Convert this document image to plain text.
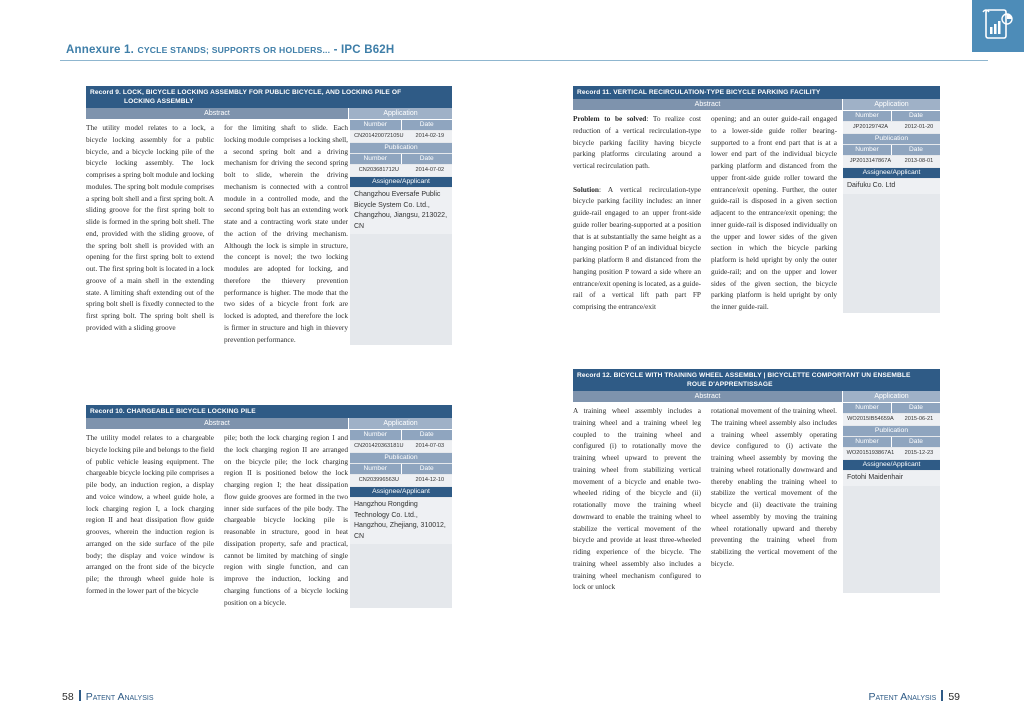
Annexure 1. CYCLE STANDS; SUPPORTS OR HOLDERS... - IPC B62H
Record 9. LOCK, BICYCLE LOCKING ASSEMBLY FOR PUBLIC BICYCLE, AND LOCKING PILE OF
LOCKING ASSEMBLY
Abstract	Application
The utility model relates to a lock, a bicycle locking assembly for a public bicycle, and a bicycle locking pile of the bicycle locking assembly. The lock comprises a spring bolt module and locking modules. The spring bolt module comprises a spring bolt shell and a first spring bolt. A sliding groove for the first spring bolt to slide is formed in the spring bolt shell. The end, provided with the sliding groove, of the spring bolt shell is provided with an opening for the first spring bolt to extend out. The first spring bolt is located in a lock groove of a main shell in the extending state. A limiting shaft extending out of the spring bolt shell is fixedly connected to the first spring bolt. The spring bolt shell is provided with a sliding groove
for the limiting shaft to slide. Each locking module comprises a locking shell, a second spring bolt and a driving mechanism for driving the second spring bolt to slide, wherein the driving mechanism is connected with a control module in a controlled mode, and the second spring bolt has an extending work state and a contracting work state under the action of the driving mechanism. Although the lock is simple in structure, the concept is novel; the two locking modules are adopted for locking, and therefore the thievery prevention performance is higher. The mode that the two sides of a bicycle front fork are locked is adopted, and therefore the lock is firmer in structure and high in thievery prevention performance.
Number	Date
CN201420072105U	2014-02-19
Publication
Number	Date
CN203681712U	2014-07-02
Assignee/Applicant
Changzhou Eversafe Public Bicycle System Co. Ltd., Changzhou, Jiangsu, 213022, CN
Record 10. CHARGEABLE BICYCLE LOCKING PILE
Abstract	Application
The utility model relates to a chargeable bicycle locking pile and belongs to the field of public vehicle leasing equipment. The chargeable bicycle locking pile comprises a pile body, an induction region, a display and voice window, a wheel guide hole, a lock charging region I, a lock charging region II and heat dissipation flow guide grooves, wherein the induction region is arranged on the side surface of the pile body; the display and voice window is arranged on the front side of the bicycle pile; the through wheel guide hole is formed in the lower part of the bicycle
pile; both the lock charging region I and the lock charging region II are arranged on the bicycle pile; the lock charging region II is positioned below the lock charging region I; the heat dissipation flow guide grooves are formed in the two inner side surfaces of the pile body. The chargeable bicycle locking pile is reasonable in structure, good in heat dissipation property, safe and practical, cannot be limited by matching of single region with single function, and can improve the induction, locking and charging functions of a bicycle locking position on a bicycle.
Number	Date
CN201420363181U	2014-07-03
Publication
Number	Date
CN203996563U	2014-12-10
Assignee/Applicant
Hangzhou Rongding Technology Co. Ltd., Hangzhou, Zhejiang, 310012, CN
Record 11. VERTICAL RECIRCULATION-TYPE BICYCLE PARKING FACILITY
Abstract	Application
Problem to be solved: To realize cost reduction of a vertical recirculation-type bicycle parking facility having bicycle parking platforms circulating around a vertical recirculation path.
Solution: A vertical recirculation-type bicycle parking facility includes: an inner guide-rail engaged to an upper front-side guide roller bearing-supported at a position that is at substantially the same height as a hanging position P of an individual bicycle parking platform 8 and distanced from the hanging position P toward a side where an entrance/exit opening is located, as a guide-rail of a vertical lift path part FP comprising the entrance/exit
opening; and an outer guide-rail engaged to a lower-side guide roller bearing-supported to a front end part that is at a lower end part of the individual bicycle parking platform and distanced from the upper front-side guide roller toward the entrance/exit opening. Further, the outer guide-rail is disposed in a given section adjacent to the entrance/exit opening; the inner guide-rail is disposed individually on the upper and lower sides of the given section in which the bicycle parking platform is held upright by only the outer guide-rail; and on the upper and lower sides of the given section, the bicycle parking platform is held upright by only the inner guide-rail.
Number	Date
JP20129742A	2012-01-20
Publication
Number	Date
JP2013147867A	2013-08-01
Assignee/Applicant
Daifuku Co. Ltd
Record 12. BICYCLE WITH TRAINING WHEEL ASSEMBLY | BICYCLETTE COMPORTANT UN ENSEMBLE
ROUE D'APPRENTISSAGE
Abstract	Application
A training wheel assembly includes a training wheel and a training wheel leg coupled to the training wheel and configured (i) to rotationally move the training wheel upward to prevent the training wheel from stabilizing vertical movement of a bicycle and enable two-wheeled riding of the bicycle and (ii) rotationally move the training wheel downward to enable the training wheel to stabilize the vertical movement of the bicycle and provide at least three-wheeled riding experience of the bicycle. The training wheel assembly also includes a training wheel mechanism configured to lock or unlock
rotational movement of the training wheel. The training wheel assembly also includes a training wheel assembly operating device configured to (i) activate the training wheel assembly by moving the training wheel rotationally downward and thereby enabling the training wheel to stabilize the vertical movement of the bicycle and (ii) deactivate the training wheel assembly by moving the training wheel rotationally upward and thereby preventing the training wheel from stabilizing the vertical movement of the bicycle.
Number	Date
WO2015IB54659A	2015-06-21
Publication
Number	Date
WO2015193867A1	2015-12-23
Assignee/Applicant
Fotohi Maidenhair
58 Patent Analysis	Patent Analysis 59
